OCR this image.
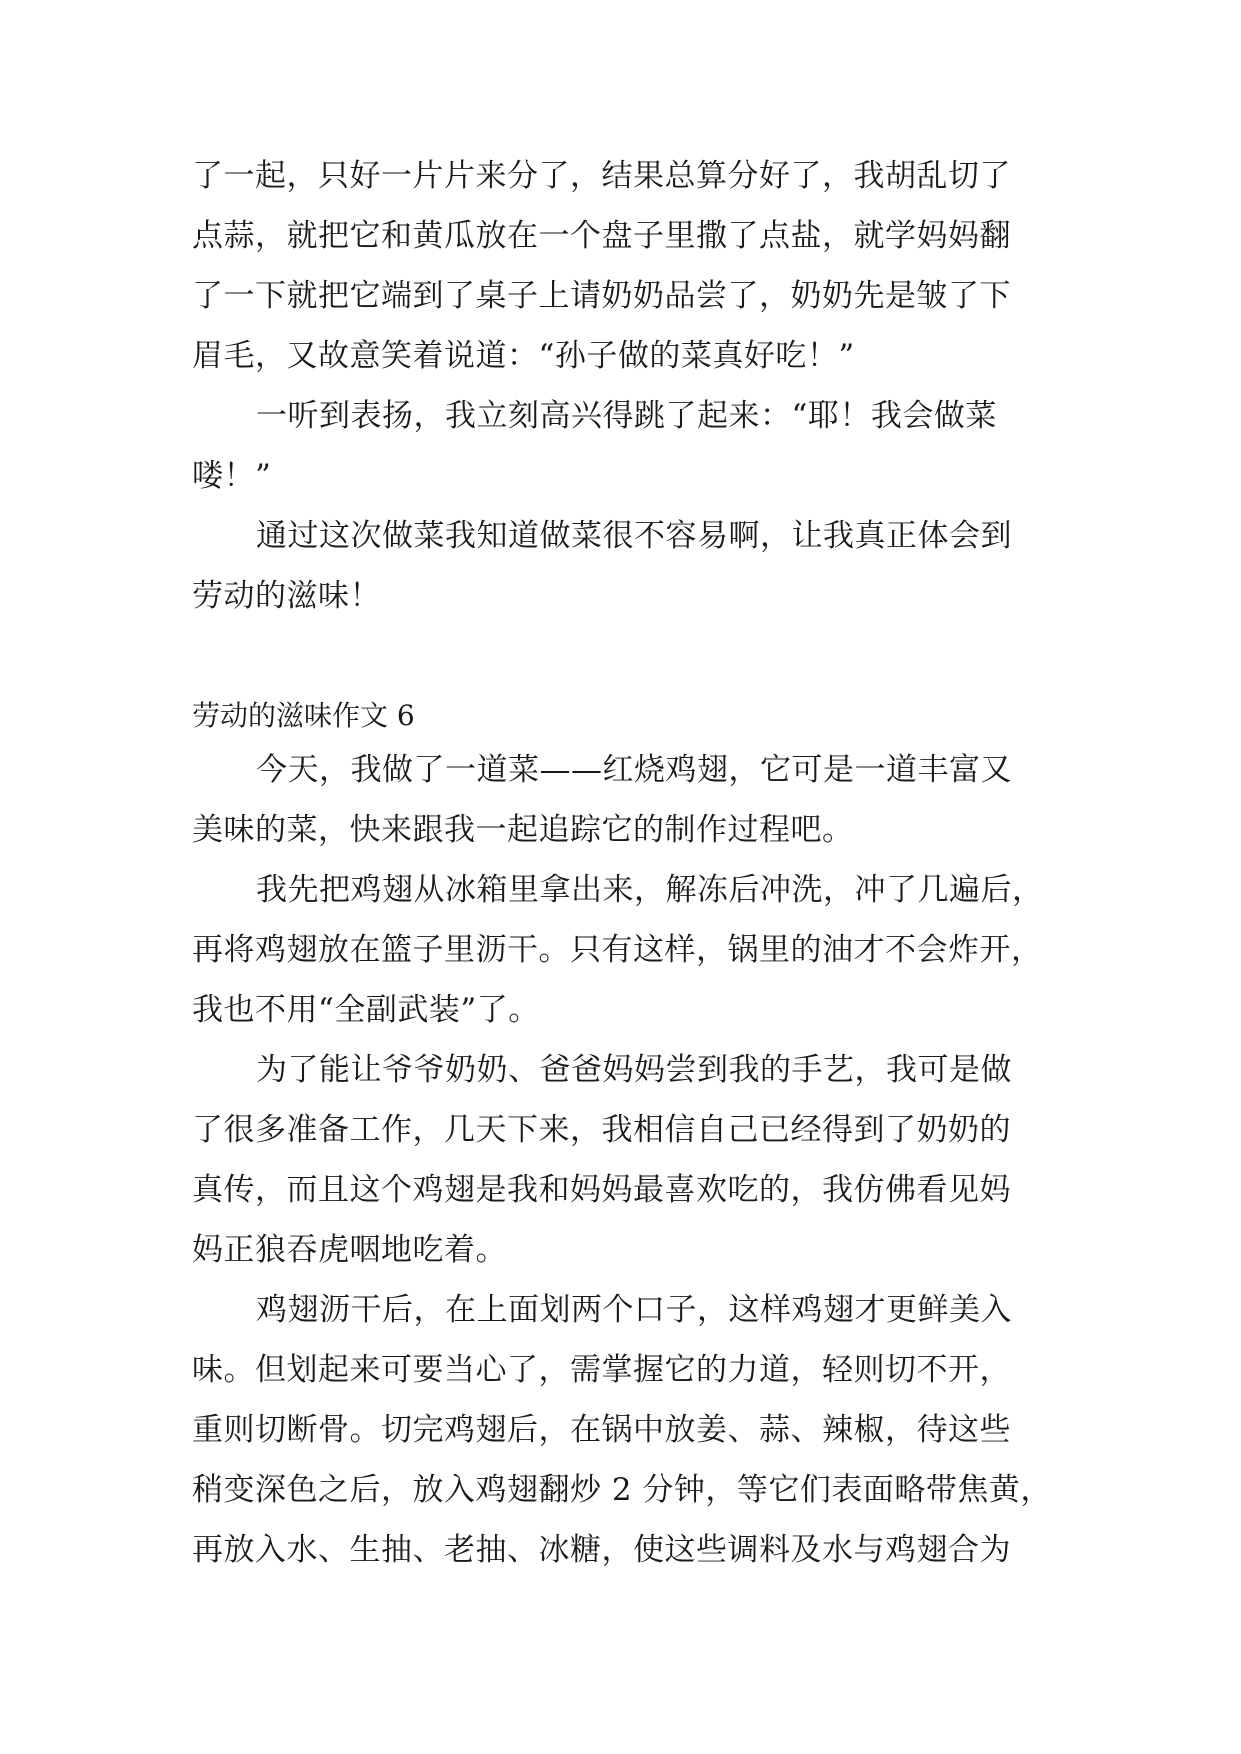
了一起，只好一片片来分了，结果总算分好了，我胡乱切了
点蒜，就把它和黄瓜放在一个盘子里撒了点盐，就学妈妈翻
了一下就把它端到了桌子上请奶奶品尝了，奶奶先是皱了下
眉毛，又故意笑着说道：“孙子做的菜真好吃！”
一听到表扬，我立刻高兴得跳了起来：“耶！我会做菜
喽！”
通过这次做菜我知道做菜很不容易啊，让我真正体会到
劳动的滋味！
劳动的滋味作文 6
今天，我做了一道菜——红烧鸡翅，它可是一道丰富又
美味的菜，快来跟我一起追踪它的制作过程吧。
我先把鸡翅从冰箱里拿出来，解冻后冲洗，冲了几遍后，
再将鸡翅放在篮子里沥干。只有这样，锅里的油才不会炸开，
我也不用“全副武装”了。
为了能让爷爷奶奶、爸爸妈妈尝到我的手艺，我可是做
了很多准备工作，几天下来，我相信自己已经得到了奶奶的
真传，而且这个鸡翅是我和妈妈最喜欢吃的，我仿佛看见妈
妈正狼吞虎咽地吃着。
鸡翅沥干后，在上面划两个口子，这样鸡翅才更鲜美入
味。但划起来可要当心了，需掌握它的力道，轻则切不开，
重则切断骨。切完鸡翅后，在锅中放姜、蒜、辣椒，待这些
稍变深色之后，放入鸡翅翻炒 2 分钟，等它们表面略带焦黄，
再放入水、生抽、老抽、冰糖，使这些调料及水与鸡翅合为
